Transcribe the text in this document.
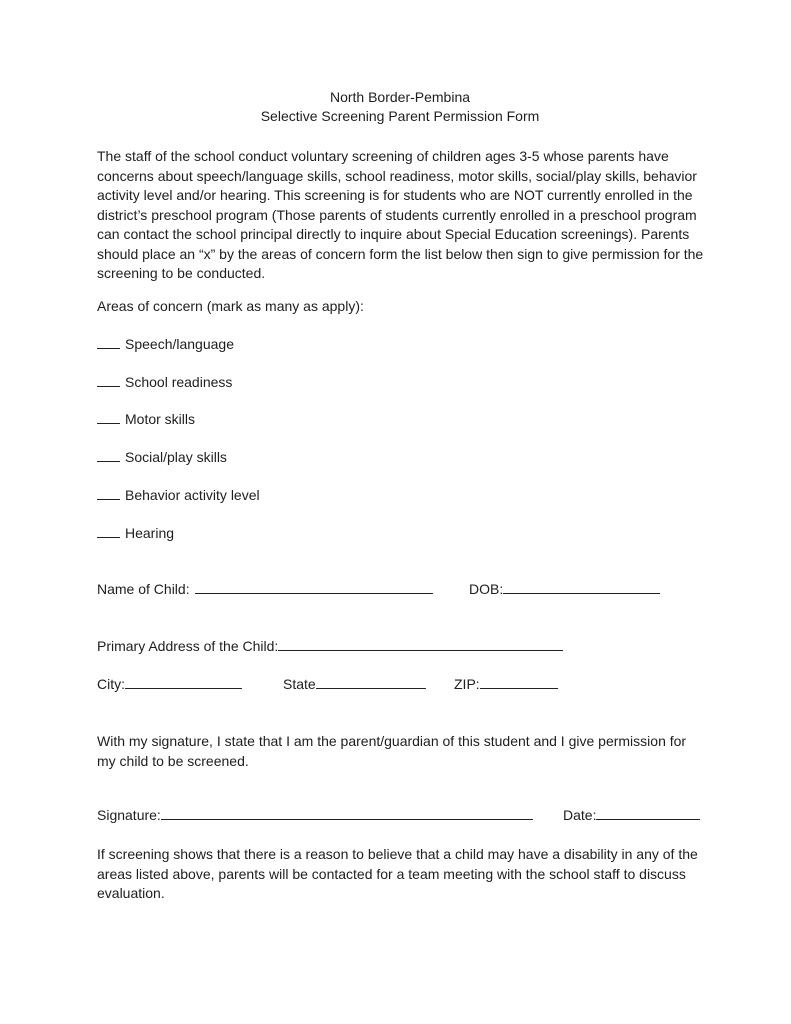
North Border-Pembina
Selective Screening Parent Permission Form

The staff of the school conduct voluntary screening of children ages 3-5 whose parents have concerns about speech/language skills, school readiness, motor skills, social/play skills, behavior activity level and/or hearing. This screening is for students who are NOT currently enrolled in the district’s preschool program (Those parents of students currently enrolled in a preschool program can contact the school principal directly to inquire about Special Education screenings). Parents should place an “x” by the areas of concern form the list below then sign to give permission for the screening to be conducted.

Areas of concern (mark as many as apply):
Speech/language
School readiness
Motor skills
Social/play skills
Behavior activity level
Hearing
Name of Child:	DOB:
Primary Address of the Child:
City:	State	ZIP:

With my signature, I state that I am the parent/guardian of this student and I give permission for my child to be screened.

Signature:	Date:

If screening shows that there is a reason to believe that a child may have a disability in any of the areas listed above, parents will be contacted for a team meeting with the school staff to discuss evaluation.
